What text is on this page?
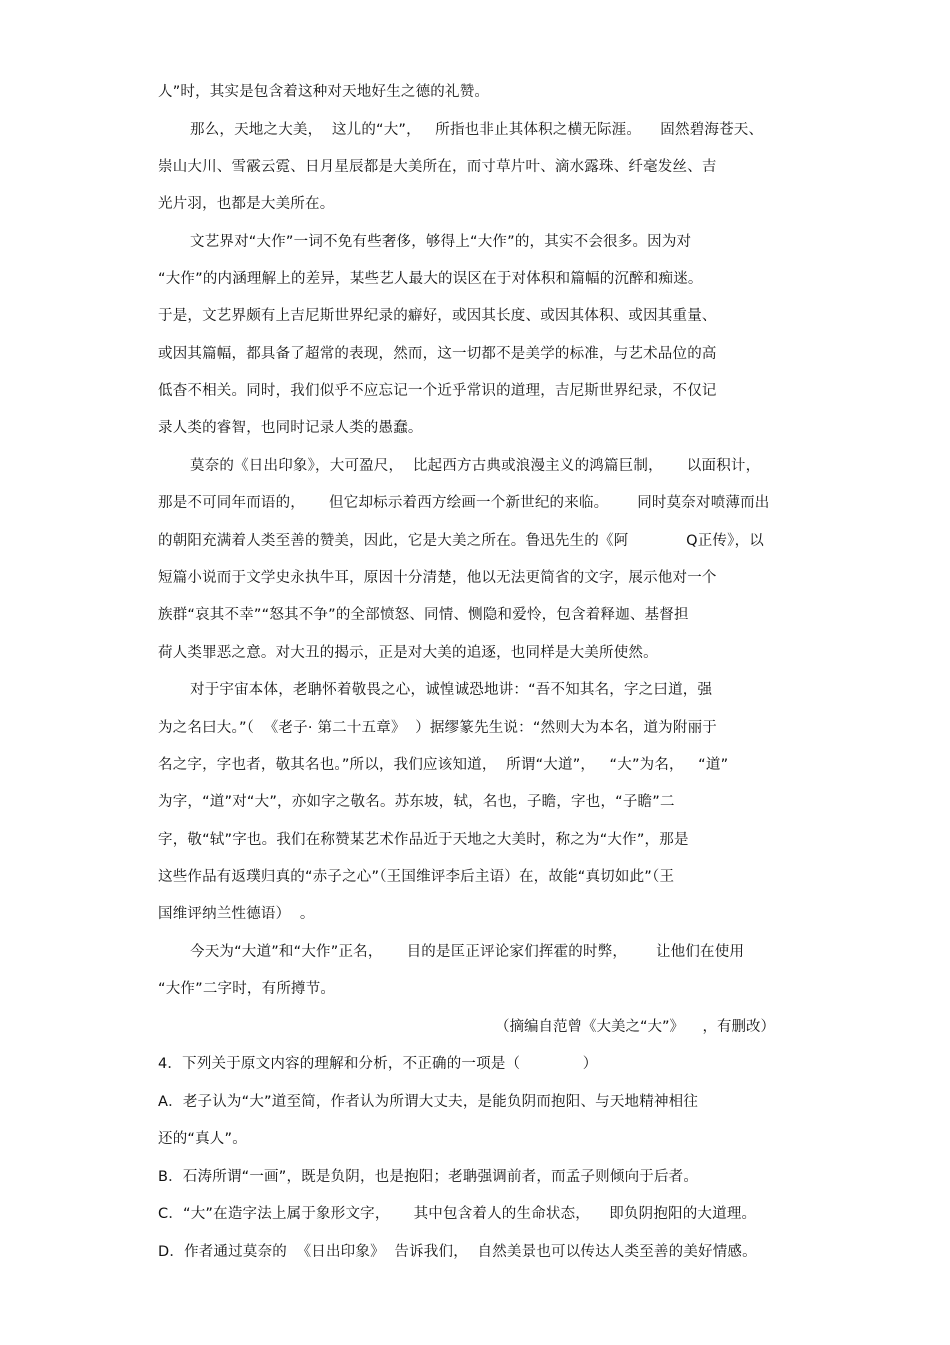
人”时，其实是包含着这种对天地好生之德的礼赞。
那么，天地之大美，  这儿的“大”，   所指也非止其体积之横无际涯。    固然碧海苍天、
崇山大川、雪霰云霓、日月星辰都是大美所在，而寸草片叶、滴水露珠、纤毫发丝、吉
光片羽，也都是大美所在。
文艺界对“大作”一词不免有些奢侈，够得上“大作”的，其实不会很多。因为对
“大作”的内涵理解上的差异，某些艺人最大的误区在于对体积和篇幅的沉醉和痴迷。
于是，文艺界颇有上吉尼斯世界纪录的癖好，或因其长度、或因其体积、或因其重量、
或因其篇幅，都具备了超常的表现，然而，这一切都不是美学的标准，与艺术品位的高
低杳不相关。同时，我们似乎不应忘记一个近乎常识的道理，吉尼斯世界纪录，不仅记
录人类的睿智，也同时记录人类的愚蠢。
莫奈的《日出印象》，大可盈尺，  比起西方古典或浪漫主义的鸿篇巨制，     以面积计，
那是不可同年而语的，     但它却标示着西方绘画一个新世纪的来临。      同时莫奈对喷薄而出
的朝阳充满着人类至善的赞美，因此，它是大美之所在。鲁迅先生的《阿            Q正传》，以
短篇小说而于文学史永执牛耳，原因十分清楚，他以无法更简省的文字，展示他对一个
族群“哀其不幸”“怒其不争”的全部愤怒、同情、恻隐和爱怜，包含着释迦、基督担
荷人类罪恶之意。对大丑的揭示，正是对大美的追逐，也同样是大美所使然。
对于宇宙本体，老聃怀着敬畏之心，诚惶诚恐地讲：“吾不知其名，字之曰道，强
为之名曰大。”（  《老子· 第二十五章》  ）据缪篆先生说：“然则大为本名，道为附丽于
名之字，字也者，敬其名也。”所以，我们应该知道，  所谓“大道”，   “大”为名，   “道”
为字，“道”对“大”，亦如字之敬名。苏东坡，轼，名也，子瞻，字也，“子瞻”二
字，敬“轼”字也。我们在称赞某艺术作品近于天地之大美时，称之为“大作”，那是
这些作品有返璞归真的“赤子之心”（王国维评李后主语）在，故能“真切如此”（王
国维评纳兰性德语）  。
今天为“大道”和“大作”正名，     目的是匡正评论家们挥霍的时弊，      让他们在使用
“大作”二字时，有所撙节。
（摘编自范曾《大美之“大”》    ，有删改）
4．下列关于原文内容的理解和分析，不正确的一项是（             ）
A．老子认为“大”道至简，作者认为所谓大丈夫，是能负阴而抱阳、与天地精神相往
还的“真人”。
B．石涛所谓“一画”，既是负阴，也是抱阳；老聃强调前者，而孟子则倾向于后者。
C．“大”在造字法上属于象形文字，     其中包含着人的生命状态，    即负阴抱阳的大道理。
D．作者通过莫奈的  《日出印象》  告诉我们，  自然美景也可以传达人类至善的美好情感。
